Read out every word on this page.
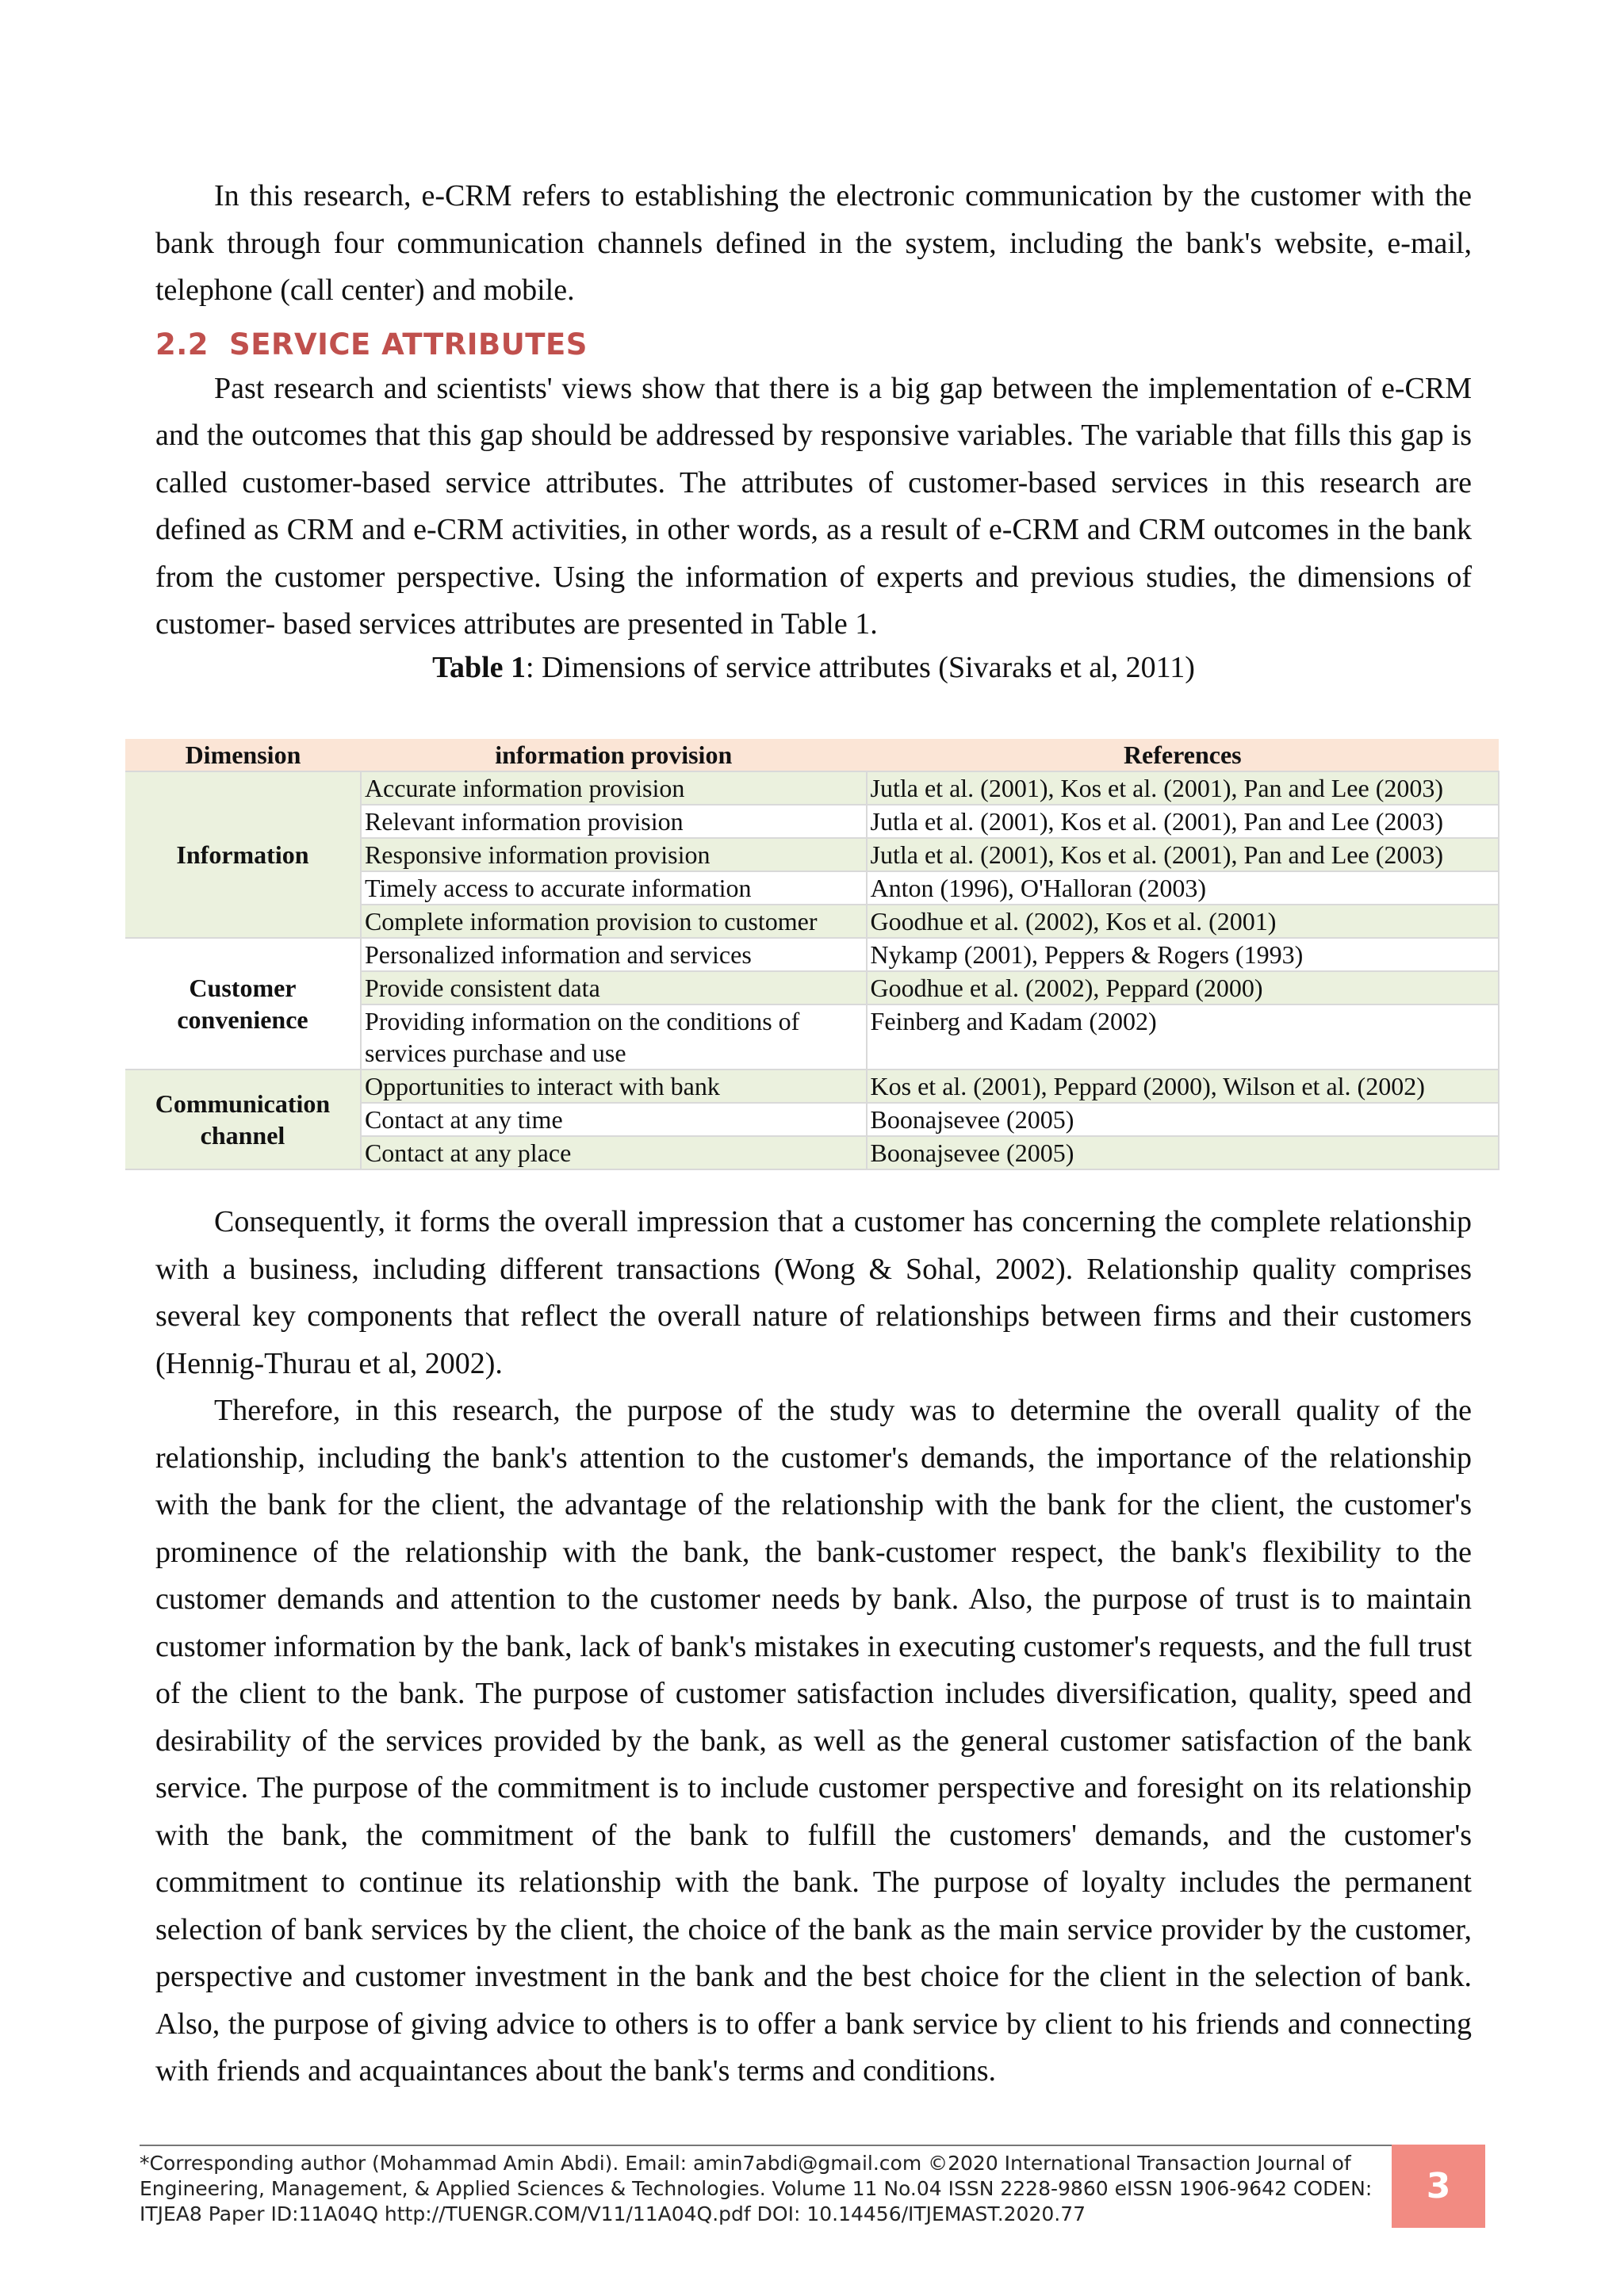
In this research, e-CRM refers to establishing the electronic communication by the customer with the bank through four communication channels defined in the system, including the bank's website, e-mail, telephone (call center) and mobile.

2.2 SERVICE ATTRIBUTES

Past research and scientists' views show that there is a big gap between the implementation of e-CRM and the outcomes that this gap should be addressed by responsive variables. The variable that fills this gap is called customer-based service attributes. The attributes of customer-based services in this research are defined as CRM and e-CRM activities, in other words, as a result of e-CRM and CRM outcomes in the bank from the customer perspective. Using the information of experts and previous studies, the dimensions of customer- based services attributes are presented in Table 1.

Table 1: Dimensions of service attributes (Sivaraks et al, 2011)

Dimension	information provision	References
Information	Accurate information provision	Jutla et al. (2001), Kos et al. (2001), Pan and Lee (2003)
	Relevant information provision	Jutla et al. (2001), Kos et al. (2001), Pan and Lee (2003)
	Responsive information provision	Jutla et al. (2001), Kos et al. (2001), Pan and Lee (2003)
	Timely access to accurate information	Anton (1996), O'Halloran (2003)
	Complete information provision to customer	Goodhue et al. (2002), Kos et al. (2001)
Customer convenience	Personalized information and services	Nykamp (2001), Peppers & Rogers (1993)
	Provide consistent data	Goodhue et al. (2002), Peppard (2000)
	Providing information on the conditions of services purchase and use	Feinberg and Kadam (2002)
Communication channel	Opportunities to interact with bank	Kos et al. (2001), Peppard (2000), Wilson et al. (2002)
	Contact at any time	Boonajsevee (2005)
	Contact at any place	Boonajsevee (2005)

Consequently, it forms the overall impression that a customer has concerning the complete relationship with a business, including different transactions (Wong & Sohal, 2002). Relationship quality comprises several key components that reflect the overall nature of relationships between firms and their customers (Hennig-Thurau et al, 2002).

Therefore, in this research, the purpose of the study was to determine the overall quality of the relationship, including the bank's attention to the customer's demands, the importance of the relationship with the bank for the client, the advantage of the relationship with the bank for the client, the customer's prominence of the relationship with the bank, the bank-customer respect, the bank's flexibility to the customer demands and attention to the customer needs by bank. Also, the purpose of trust is to maintain customer information by the bank, lack of bank's mistakes in executing customer's requests, and the full trust of the client to the bank. The purpose of customer satisfaction includes diversification, quality, speed and desirability of the services provided by the bank, as well as the general customer satisfaction of the bank service. The purpose of the commitment is to include customer perspective and foresight on its relationship with the bank, the commitment of the bank to fulfill the customers' demands, and the customer's commitment to continue its relationship with the bank. The purpose of loyalty includes the permanent selection of bank services by the client, the choice of the bank as the main service provider by the customer, perspective and customer investment in the bank and the best choice for the client in the selection of bank. Also, the purpose of giving advice to others is to offer a bank service by client to his friends and connecting with friends and acquaintances about the bank's terms and conditions.

*Corresponding author (Mohammad Amin Abdi). Email: amin7abdi@gmail.com ©2020 International Transaction Journal of
Engineering, Management, & Applied Sciences & Technologies. Volume 11 No.04 ISSN 2228-9860 eISSN 1906-9642 CODEN:
ITJEA8 Paper ID:11A04Q http://TUENGR.COM/V11/11A04Q.pdf DOI: 10.14456/ITJEMAST.2020.77
3
